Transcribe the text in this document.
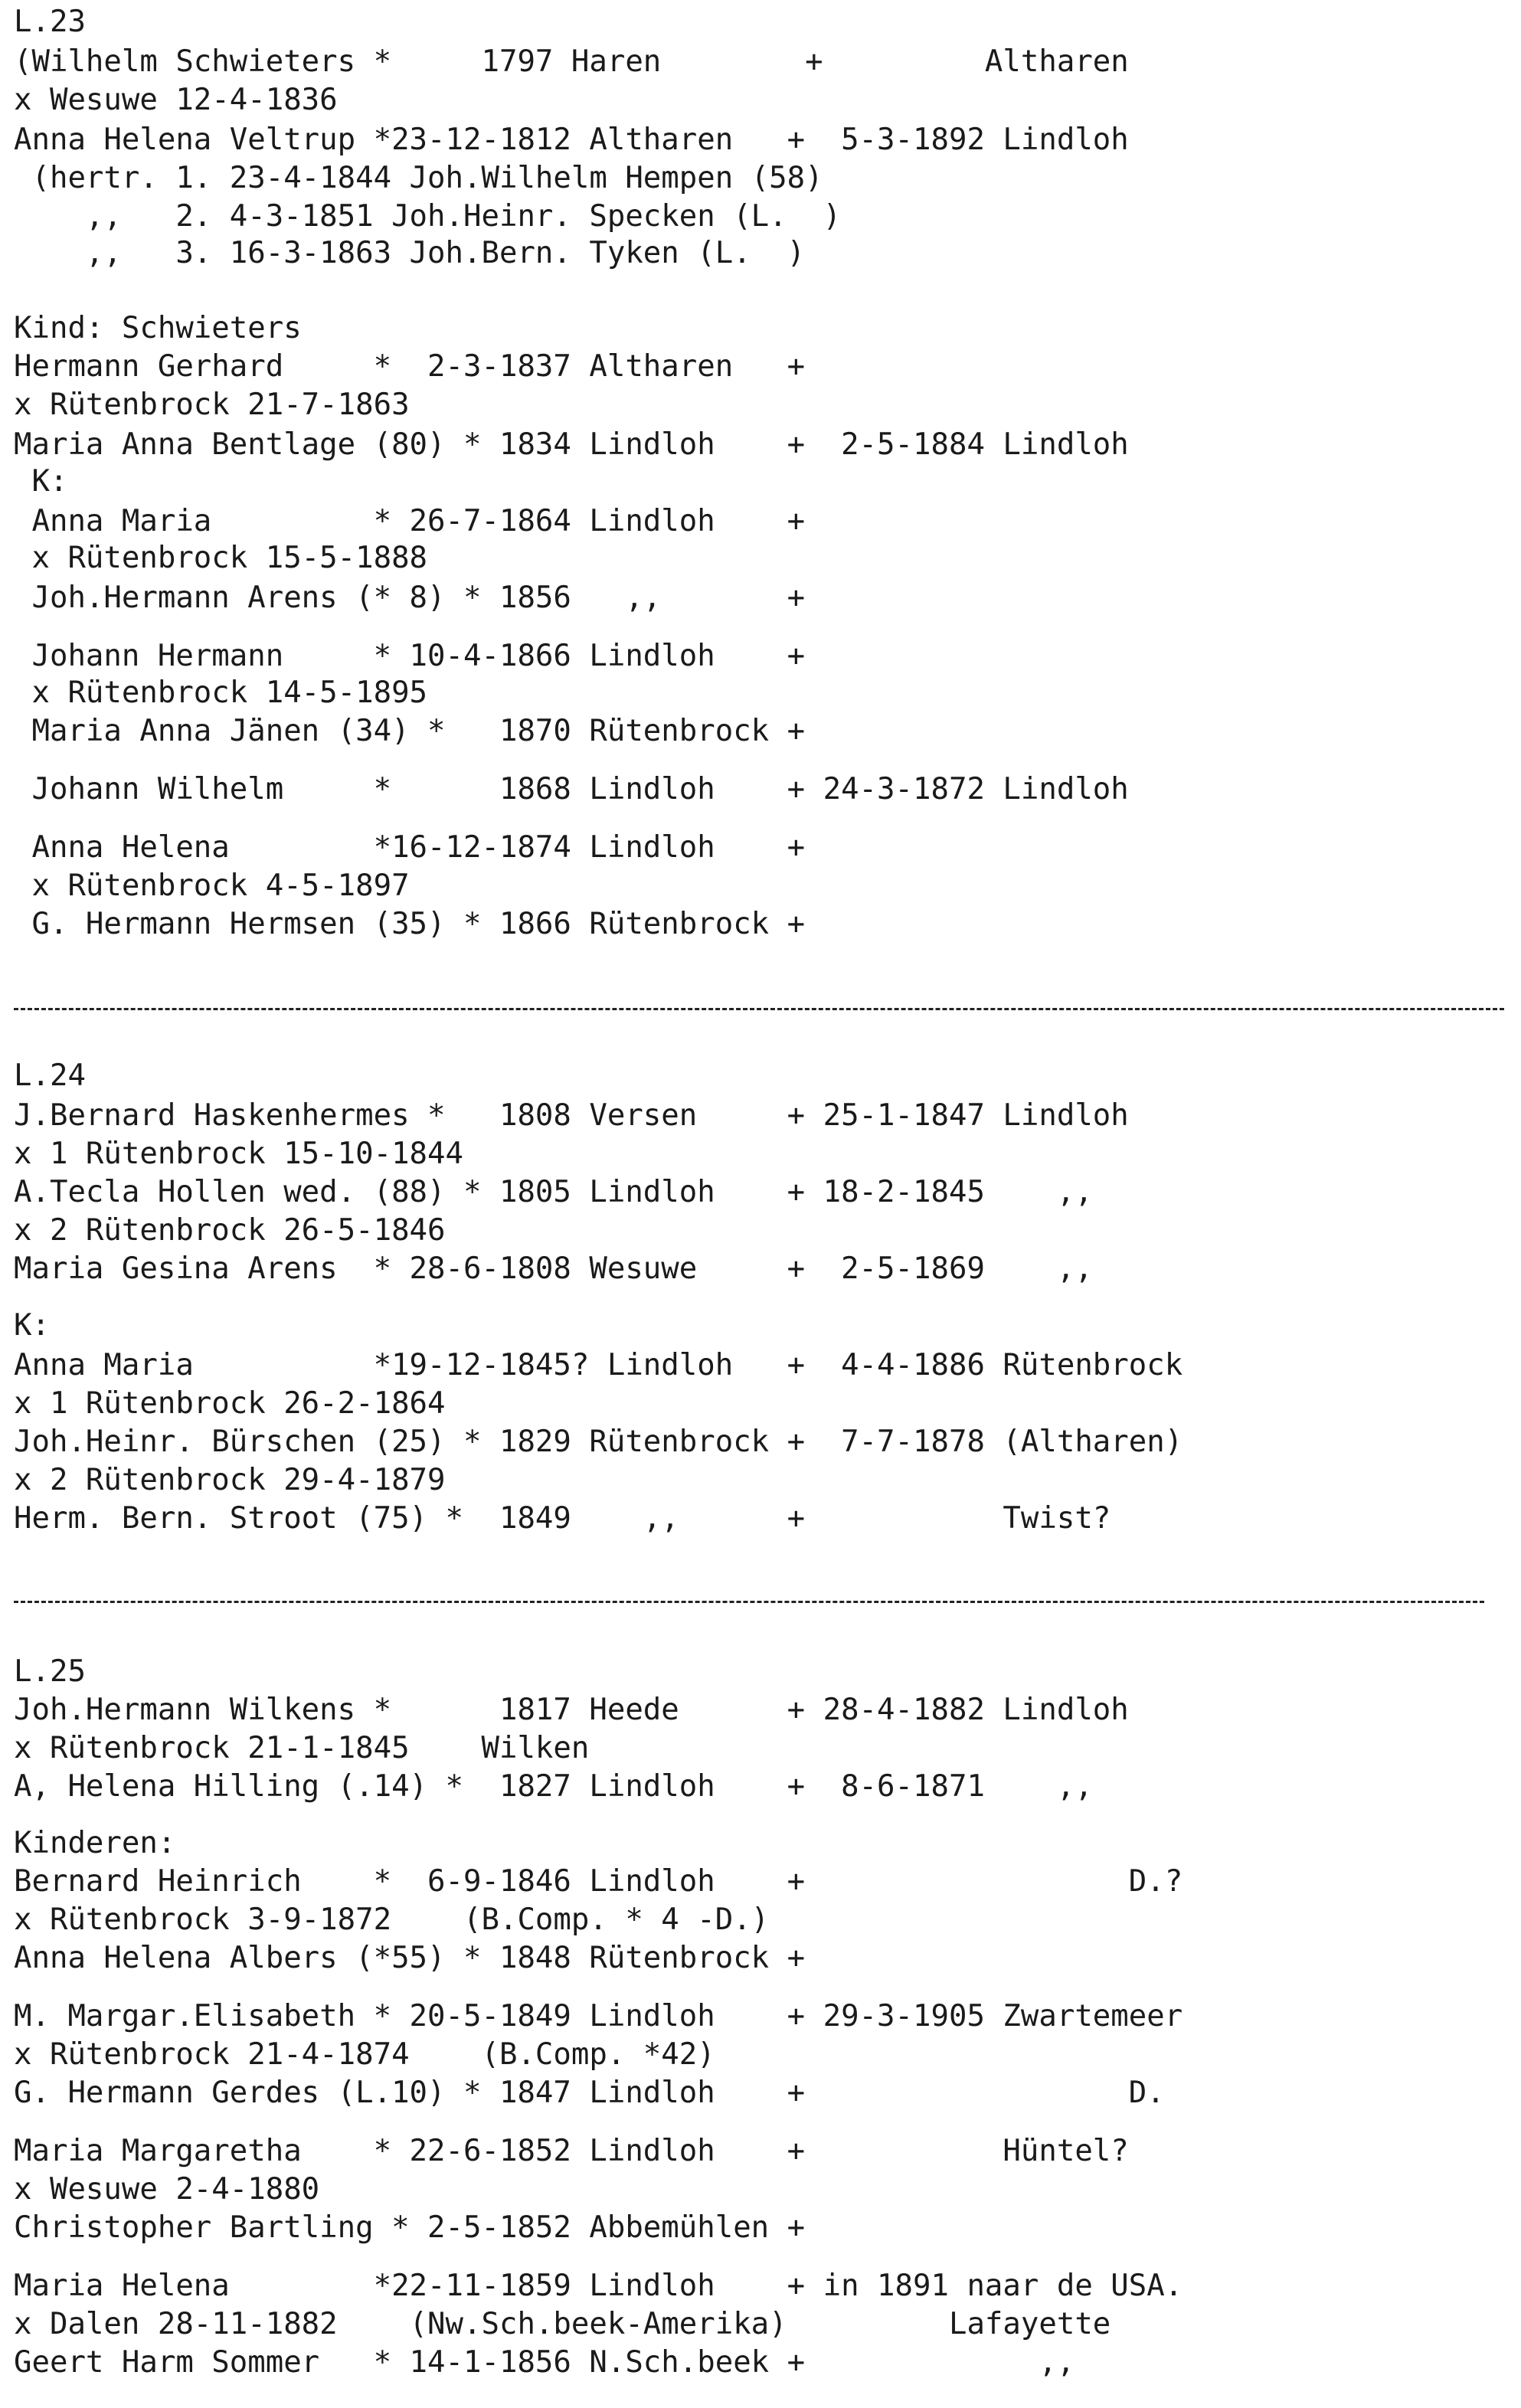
L.23
(Wilhelm Schwieters *     1797 Haren        +         Altharen
x Wesuwe 12-4-1836
Anna Helena Veltrup *23-12-1812 Altharen   +  5-3-1892 Lindloh
(hertr. 1. 23-4-1844 Joh.Wilhelm Hempen (58)
,,   2. 4-3-1851 Joh.Heinr. Specken (L.  )
,,   3. 16-3-1863 Joh.Bern. Tyken (L.  )
Kind: Schwieters
Hermann Gerhard     *  2-3-1837 Altharen   +
x Rütenbrock 21-7-1863
Maria Anna Bentlage (80) * 1834 Lindloh    +  2-5-1884 Lindloh
K:
Anna Maria         * 26-7-1864 Lindloh    +
x Rütenbrock 15-5-1888
Joh.Hermann Arens (* 8) * 1856   ,,       +
Johann Hermann     * 10-4-1866 Lindloh    +
x Rütenbrock 14-5-1895
Maria Anna Jänen (34) *   1870 Rütenbrock +
Johann Wilhelm     *      1868 Lindloh    + 24-3-1872 Lindloh
Anna Helena        *16-12-1874 Lindloh    +
x Rütenbrock 4-5-1897
G. Hermann Hermsen (35) * 1866 Rütenbrock +
L.24
J.Bernard Haskenhermes *   1808 Versen     + 25-1-1847 Lindloh
x 1 Rütenbrock 15-10-1844
A.Tecla Hollen wed. (88) * 1805 Lindloh    + 18-2-1845    ,,
x 2 Rütenbrock 26-5-1846
Maria Gesina Arens  * 28-6-1808 Wesuwe     +  2-5-1869    ,,
K:
Anna Maria          *19-12-1845? Lindloh   +  4-4-1886 Rütenbrock
x 1 Rütenbrock 26-2-1864
Joh.Heinr. Bürschen (25) * 1829 Rütenbrock +  7-7-1878 (Altharen)
x 2 Rütenbrock 29-4-1879
Herm. Bern. Stroot (75) *  1849    ,,      +           Twist?
L.25
Joh.Hermann Wilkens *      1817 Heede      + 28-4-1882 Lindloh
x Rütenbrock 21-1-1845    Wilken
A, Helena Hilling (.14) *  1827 Lindloh    +  8-6-1871    ,,
Kinderen:
Bernard Heinrich    *  6-9-1846 Lindloh    +                  D.?
x Rütenbrock 3-9-1872    (B.Comp. * 4 -D.)
Anna Helena Albers (*55) * 1848 Rütenbrock +
M. Margar.Elisabeth * 20-5-1849 Lindloh    + 29-3-1905 Zwartemeer
x Rütenbrock 21-4-1874    (B.Comp. *42)
G. Hermann Gerdes (L.10) * 1847 Lindloh    +                  D.
Maria Margaretha    * 22-6-1852 Lindloh    +           Hüntel?
x Wesuwe 2-4-1880
Christopher Bartling * 2-5-1852 Abbemühlen +
Maria Helena        *22-11-1859 Lindloh    + in 1891 naar de USA.
x Dalen 28-11-1882    (Nw.Sch.beek-Amerika)         Lafayette
Geert Harm Sommer   * 14-1-1856 N.Sch.beek +             ,,
